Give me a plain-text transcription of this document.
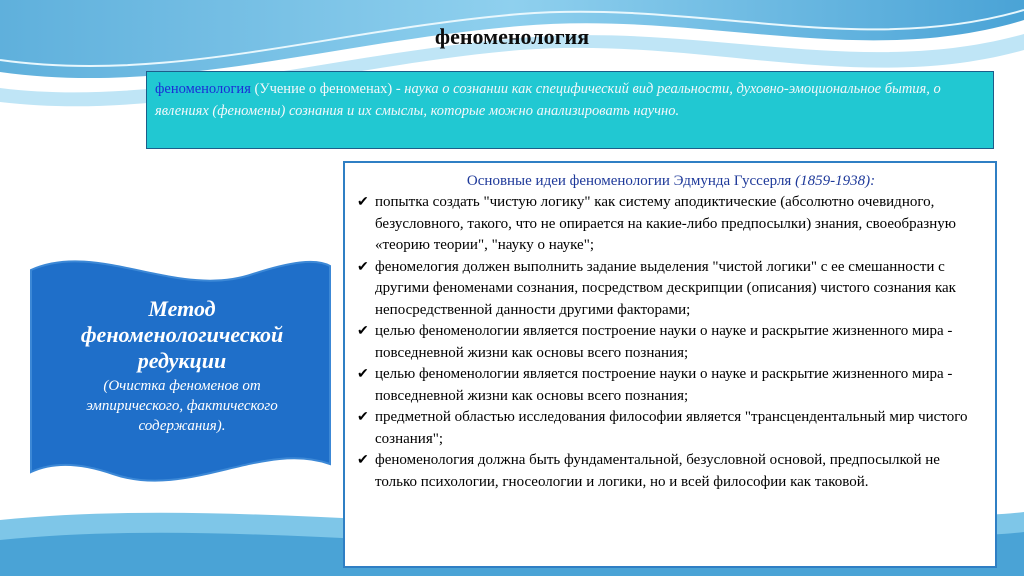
феноменология
феноменология (Учение о феноменах) - наука о сознании как специфический вид реальности, духовно-эмоциональное бытия, о явлениях (феномены) сознания и их смыслы, которые можно анализировать научно.
Основные идеи феноменологии Эдмунда Гуссерля (1859-1938):
✔ попытка создать "чистую логику" как систему аподиктические (абсолютно очевидного, безусловного, такого, что не опирается на какие-либо предпосылки) знания, своеобразную «теорию теории", "науку о науке";
✔ феномелогия должен выполнить задание выделения "чистой логики" с ее смешанности с другими феноменами сознания, посредством дескрипции (описания) чистого сознания как непосредственной данности другими факторами;
✔ целью феноменологии является построение науки о науке и раскрытие жизненного мира - повседневной жизни как основы всего познания;
✔ целью феноменологии является построение науки о науке и раскрытие жизненного мира - повседневной жизни как основы всего познания;
✔ предметной областью исследования философии является "трансцендентальный мир чистого сознания";
✔ феноменология должна быть фундаментальной, безусловной основой, предпосылкой не только психологии, гносеологии и логики, но и всей философии как таковой.
Метод феноменологической редукции
(Очистка феноменов от эмпирического, фактического содержания).
